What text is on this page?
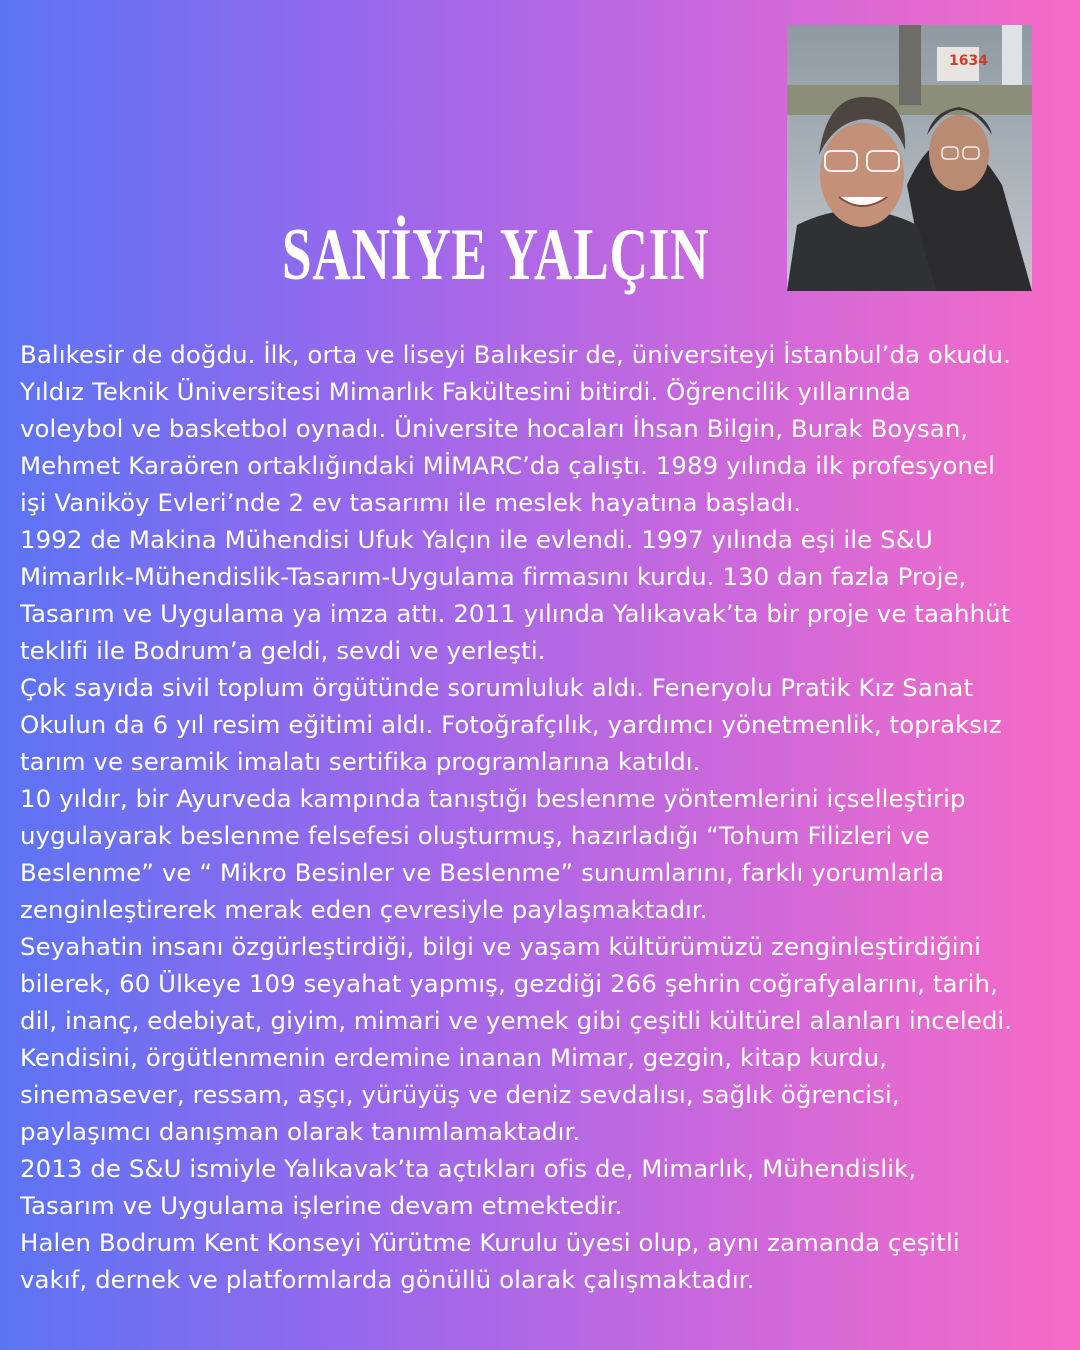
SANİYE YALÇIN
1634

Balıkesir de doğdu. İlk, orta ve liseyi Balıkesir de, üniversiteyi İstanbul’da okudu.

Yıldız Teknik Üniversitesi Mimarlık Fakültesini bitirdi. Öğrencilik yıllarında

voleybol ve basketbol oynadı. Üniversite hocaları İhsan Bilgin, Burak Boysan,

Mehmet Karaören ortaklığındaki MİMARC’da çalıştı. 1989 yılında ilk profesyonel

işi Vaniköy Evleri’nde 2 ev tasarımı ile meslek hayatına başladı.

1992 de Makina Mühendisi Ufuk Yalçın ile evlendi. 1997 yılında eşi ile S&U

Mimarlık-Mühendislik-Tasarım-Uygulama firmasını kurdu. 130 dan fazla Proje,

Tasarım ve Uygulama ya imza attı. 2011 yılında Yalıkavak’ta bir proje ve taahhüt

teklifi ile Bodrum’a geldi, sevdi ve yerleşti.

Çok sayıda sivil toplum örgütünde sorumluluk aldı. Feneryolu Pratik Kız Sanat

Okulun da 6 yıl resim eğitimi aldı. Fotoğrafçılık, yardımcı yönetmenlik, topraksız

tarım ve seramik imalatı sertifika programlarına katıldı.

10 yıldır, bir Ayurveda kampında tanıştığı beslenme yöntemlerini içselleştirip

uygulayarak beslenme felsefesi oluşturmuş, hazırladığı “Tohum Filizleri ve

Beslenme” ve “ Mikro Besinler ve Beslenme” sunumlarını, farklı yorumlarla

zenginleştirerek merak eden çevresiyle paylaşmaktadır.

Seyahatin insanı özgürleştirdiği, bilgi ve yaşam kültürümüzü zenginleştirdiğini

bilerek, 60 Ülkeye 109 seyahat yapmış, gezdiği 266 şehrin coğrafyalarını, tarih,

dil, inanç, edebiyat, giyim, mimari ve yemek gibi çeşitli kültürel alanları inceledi.

Kendisini, örgütlenmenin erdemine inanan Mimar, gezgin, kitap kurdu,

sinemasever, ressam, aşçı, yürüyüş ve deniz sevdalısı, sağlık öğrencisi,

paylaşımcı danışman olarak tanımlamaktadır.

2013 de S&U ismiyle Yalıkavak’ta açtıkları ofis de, Mimarlık, Mühendislik,

Tasarım ve Uygulama işlerine devam etmektedir.

Halen Bodrum Kent Konseyi Yürütme Kurulu üyesi olup, aynı zamanda çeşitli

vakıf, dernek ve platformlarda gönüllü olarak çalışmaktadır.
